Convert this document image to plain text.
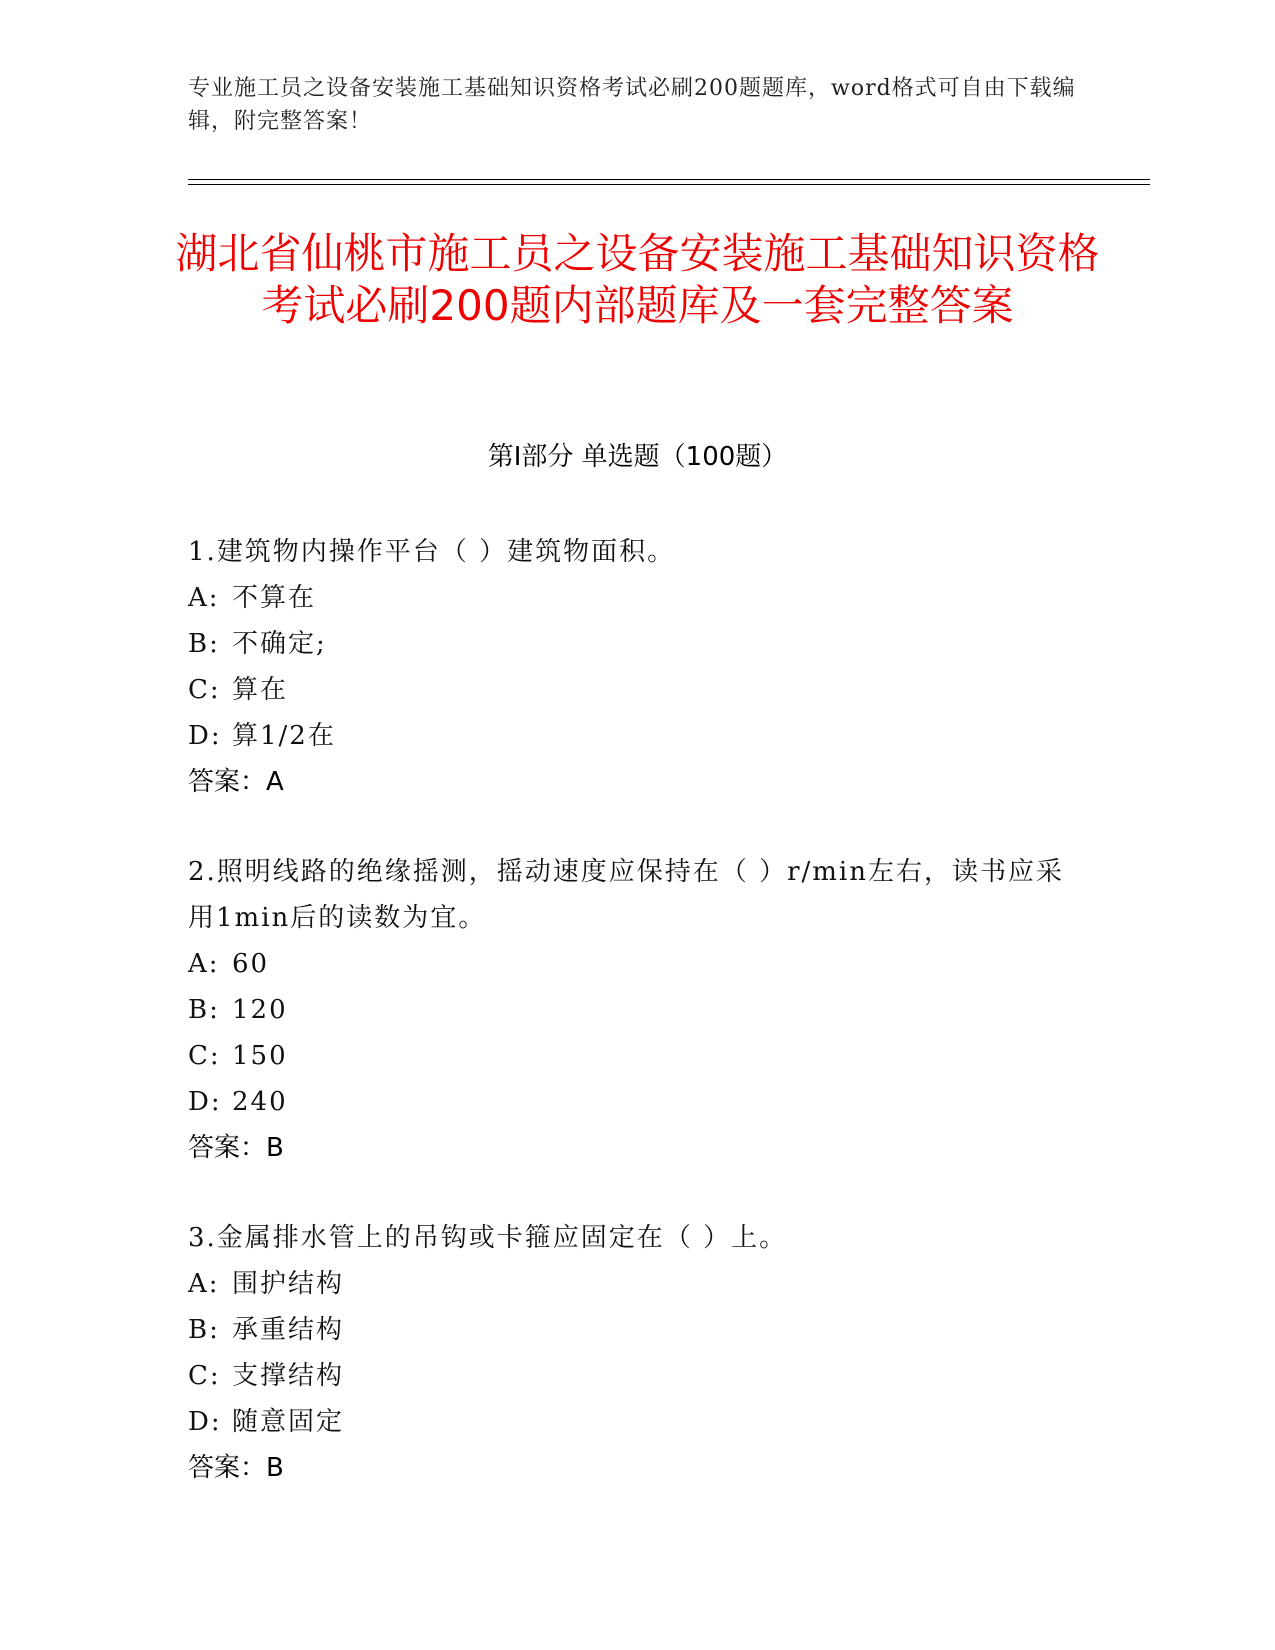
专业施工员之设备安装施工基础知识资格考试必刷200题题库，word格式可自由下载编辑，附完整答案！
湖北省仙桃市施工员之设备安装施工基础知识资格考试必刷200题内部题库及一套完整答案
第Ⅰ部分 单选题（100题）
1.建筑物内操作平台（ ）建筑物面积。
A: 不算在
B: 不确定;
C: 算在
D: 算1/2在
答案：A
2.照明线路的绝缘摇测，摇动速度应保持在（ ）r/min左右，读书应采用1min后的读数为宜。
A: 60
B: 120
C: 150
D: 240
答案：B
3.金属排水管上的吊钩或卡箍应固定在（ ）上。
A: 围护结构
B: 承重结构
C: 支撑结构
D: 随意固定
答案：B
